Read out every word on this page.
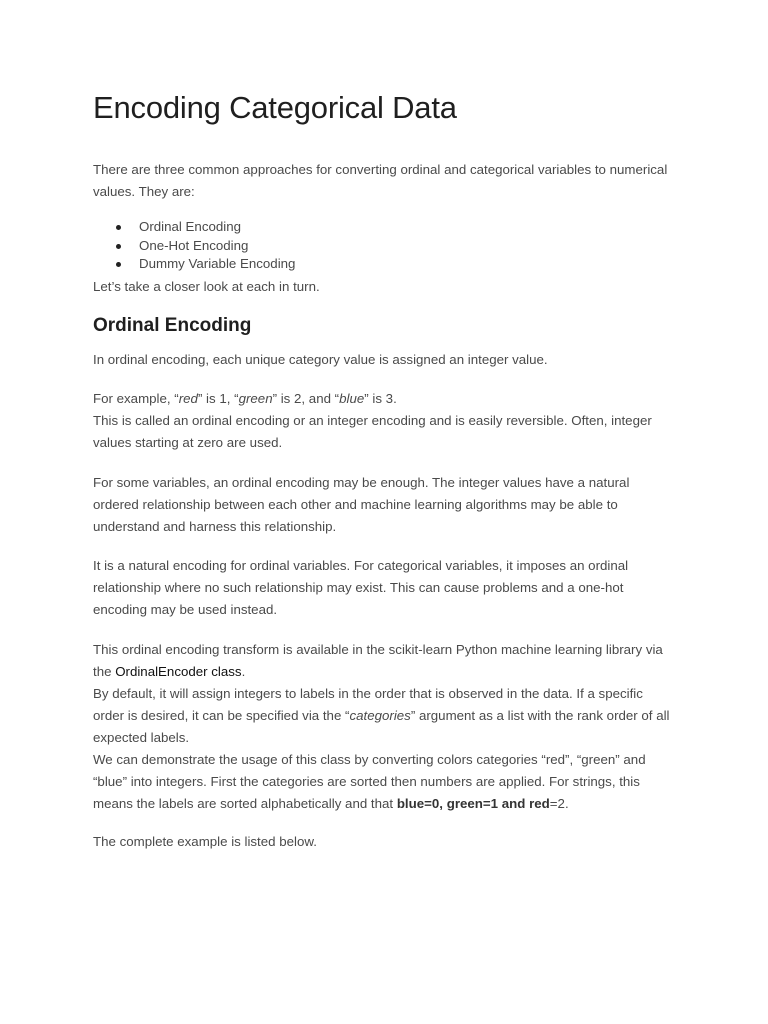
Encoding Categorical Data

There are three common approaches for converting ordinal and categorical variables to numerical values. They are:

Ordinal Encoding
One-Hot Encoding
Dummy Variable Encoding

Let’s take a closer look at each in turn.

Ordinal Encoding

In ordinal encoding, each unique category value is assigned an integer value.

For example, “red” is 1, “green” is 2, and “blue” is 3.

This is called an ordinal encoding or an integer encoding and is easily reversible. Often, integer values starting at zero are used.

For some variables, an ordinal encoding may be enough. The integer values have a natural ordered relationship between each other and machine learning algorithms may be able to understand and harness this relationship.

It is a natural encoding for ordinal variables. For categorical variables, it imposes an ordinal relationship where no such relationship may exist. This can cause problems and a one-hot encoding may be used instead.

This ordinal encoding transform is available in the scikit-learn Python machine learning library via the OrdinalEncoder class.

By default, it will assign integers to labels in the order that is observed in the data. If a specific order is desired, it can be specified via the “categories” argument as a list with the rank order of all expected labels.

We can demonstrate the usage of this class by converting colors categories “red”, “green” and “blue” into integers. First the categories are sorted then numbers are applied. For strings, this means the labels are sorted alphabetically and that blue=0, green=1 and red=2.

The complete example is listed below.
